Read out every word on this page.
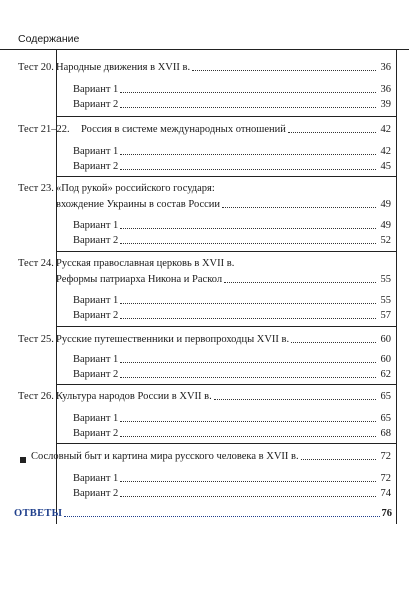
Содержание
Тест 20. Народные движения в XVII в.	36
Вариант 1	36
Вариант 2	39
Тест 21–22. Россия в системе международных отношений	42
Вариант 1	42
Вариант 2	45
Тест 23. «Под рукой» российского государя:
вхождение Украины в состав России	49
Вариант 1	49
Вариант 2	52
Тест 24. Русская православная церковь в XVII в.
Реформы патриарха Никона и Раскол	55
Вариант 1	55
Вариант 2	57
Тест 25. Русские путешественники и первопроходцы XVII в.	60
Вариант 1	60
Вариант 2	62
Тест 26. Культура народов России в XVII в.	65
Вариант 1	65
Вариант 2	68
Сословный быт и картина мира русского человека в XVII в.	72
Вариант 1	72
Вариант 2	74
ОТВЕТЫ	76
